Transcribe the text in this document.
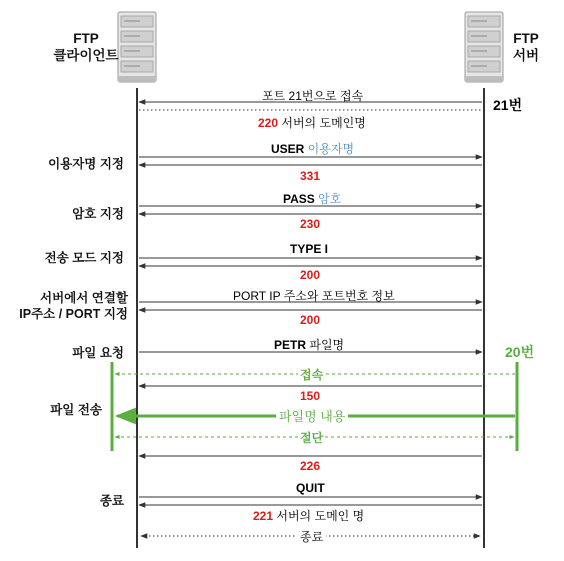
FTP
클라이언트
FTP
서버
21번
20번
이용자명 지정
암호 지정
전송 모드 지정
서버에서 연결할
IP주소 / PORT 지정
파일 요청
파일 전송
종료
포트 21번으로 접속
220 서버의 도메인명
USER 이용자명
331
PASS 암호
230
TYPE I
200
PORT IP 주소와 포트번호 정보
200
PETR 파일명
접속
150
파일명 내용
절단
226
QUIT
221 서버의 도메인 명
종료
